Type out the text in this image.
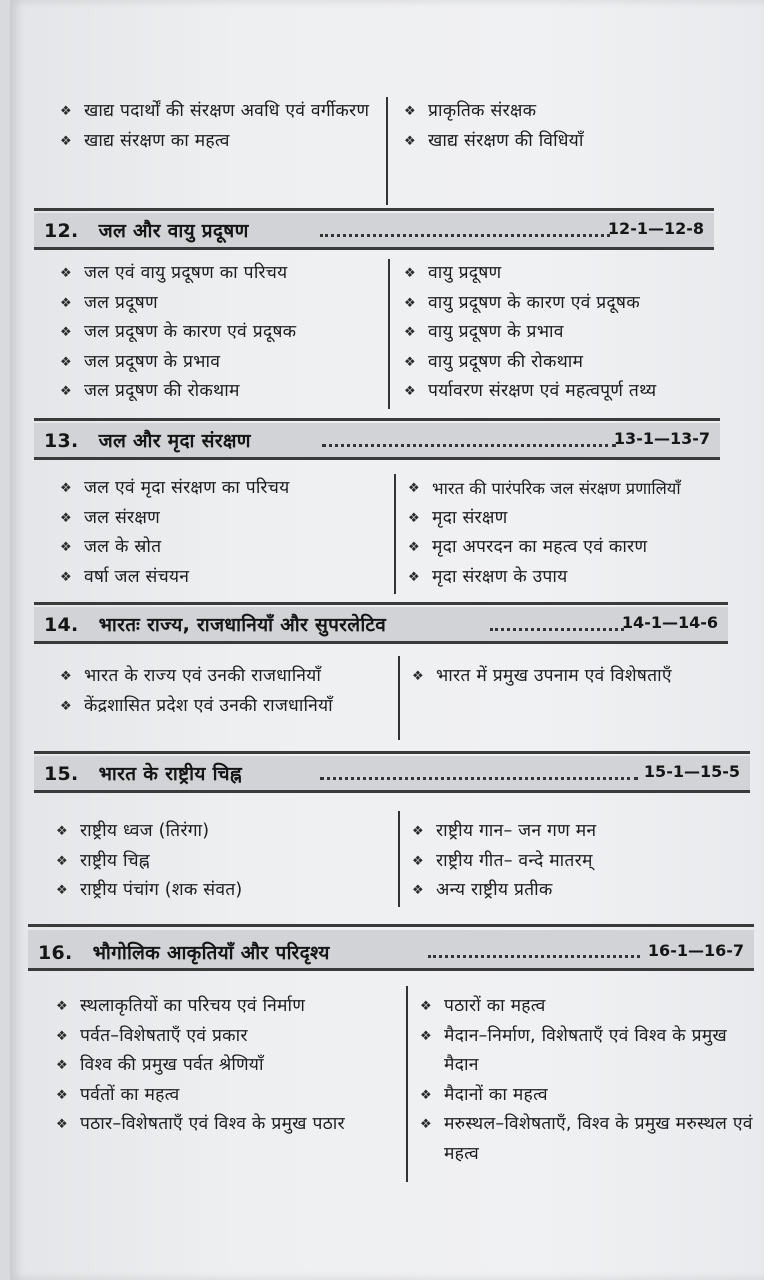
❖ खाद्य पदार्थों की संरक्षण अवधि एवं वर्गीकरण
❖ खाद्य संरक्षण का महत्व
❖ प्राकृतिक संरक्षक
❖ खाद्य संरक्षण की विधियाँ
12. जल और वायु प्रदूषण	12-1—12-8
❖ जल एवं वायु प्रदूषण का परिचय
❖ जल प्रदूषण
❖ जल प्रदूषण के कारण एवं प्रदूषक
❖ जल प्रदूषण के प्रभाव
❖ जल प्रदूषण की रोकथाम
❖ वायु प्रदूषण
❖ वायु प्रदूषण के कारण एवं प्रदूषक
❖ वायु प्रदूषण के प्रभाव
❖ वायु प्रदूषण की रोकथाम
❖ पर्यावरण संरक्षण एवं महत्वपूर्ण तथ्य
13. जल और मृदा संरक्षण	13-1—13-7
❖ जल एवं मृदा संरक्षण का परिचय
❖ जल संरक्षण
❖ जल के स्रोत
❖ वर्षा जल संचयन
❖ भारत की पारंपरिक जल संरक्षण प्रणालियाँ
❖ मृदा संरक्षण
❖ मृदा अपरदन का महत्व एवं कारण
❖ मृदा संरक्षण के उपाय
14. भारतः राज्य, राजधानियाँ और सुपरलेटिव	14-1—14-6
❖ भारत के राज्य एवं उनकी राजधानियाँ
❖ केंद्रशासित प्रदेश एवं उनकी राजधानियाँ
❖ भारत में प्रमुख उपनाम एवं विशेषताएँ
15. भारत के राष्ट्रीय चिह्न	15-1—15-5
❖ राष्ट्रीय ध्वज (तिरंगा)
❖ राष्ट्रीय चिह्न
❖ राष्ट्रीय पंचांग (शक संवत)
❖ राष्ट्रीय गान– जन गण मन
❖ राष्ट्रीय गीत– वन्दे मातरम्
❖ अन्य राष्ट्रीय प्रतीक
16. भौगोलिक आकृतियाँ और परिदृश्य	16-1—16-7
❖ स्थलाकृतियों का परिचय एवं निर्माण
❖ पर्वत–विशेषताएँ एवं प्रकार
❖ विश्व की प्रमुख पर्वत श्रेणियाँ
❖ पर्वतों का महत्व
❖ पठार–विशेषताएँ एवं विश्व के प्रमुख पठार
❖ पठारों का महत्व
❖ मैदान–निर्माण, विशेषताएँ एवं विश्व के प्रमुख मैदान
❖ मैदानों का महत्व
❖ मरुस्थल–विशेषताएँ, विश्व के प्रमुख मरुस्थल एवं महत्व
